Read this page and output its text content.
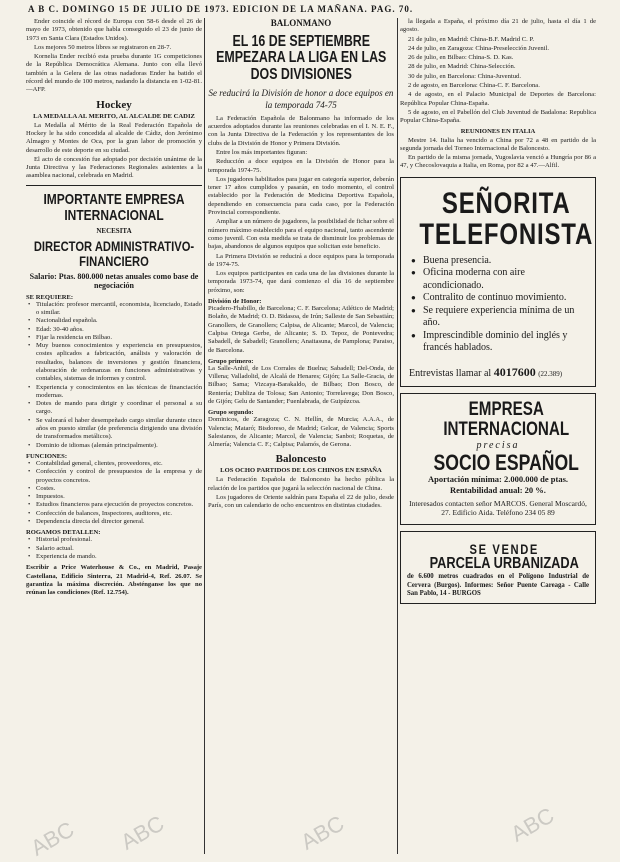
A B C. DOMINGO 15 DE JULIO DE 1973. EDICION DE LA MAÑANA. PAG. 70.

Ender coincide el récord de Europa con 58-6 desde el 26 de mayo de 1973, obtenido que habla conseguido el 23 de junio de 1973 en Santa Clara (Estados Unidos).

Los mejores 50 metros libres se registraron en 28-7.

Kornelia Ender recibió esta prueba durante 1G competiciones de la República Democrática Alemana. Junto con ella llevó también a la Gelera de las otras nadadoras Ender ha batido el récord del mundo de 100 metros, nadando la distancia en 1-02-81.—AFP.

Hockey
LA MEDALLA AL MERITO, AL ALCALDE DE CADIZ

La Medalla al Mérito de la Real Federación Española de Hockey le ha sido concedida al alcalde de Cádiz, don Jerónimo Almagro y Montes de Oca, por la gran labor de promoción y desarrollo de este deporte en su ciudad.

El acto de concesión fue adoptado por decisión unánime de la Junta Directiva y las Federaciones Regionales asistentes a la asamblea nacional, celebrada en Madrid.

IMPORTANTE EMPRESA INTERNACIONAL
NECESITA
DIRECTOR ADMINISTRATIVO-FINANCIERO
Salario: Ptas. 800.000 netas anuales como base de negociación
SE REQUIERE:
• Titulación: profesor mercantil, economista, licenciado, Estado o similar.
• Nacionalidad española.
• Edad: 30-40 años.
• Fijar la residencia en Bilbao.
• Muy buenos conocimientos y experiencia en presupuestos, costes aplicados a fabricación, análisis y valoración de resultados, balances de inversiones y gestión financiera, elaboración de ordenanzas en funciones administrativas y contables, sistemas de informes y control.
• Experiencia y conocimientos en las técnicas de financiación modernas.
• Dotes de mando para dirigir y coordinar el personal a su cargo.
• Se valorará el haber desempeñado cargo similar durante cinco años en puesto similar (de preferencia dirigiendo una división de transformados metálicos).
• Dominio de idiomas (alemán principalmente).
FUNCIONES:
• Contabilidad general, clientes, proveedores, etc.
• Confección y control de presupuestos de la empresa y de proyectos concretos.
• Costes.
• Impuestos.
• Estudios financieros para ejecución de proyectos concretos.
• Confección de balances, Inspectores, auditores, etc.
• Dependencia directa del director general.
ROGAMOS DETALLEN:
• Historial profesional.
• Salario actual.
• Experiencia de mando.

Escribir a Price Waterhouse & Co., en Madrid, Pasaje Castellana, Edificio Sinterra, 21 Madrid-4, Ref. 26.07. Se garantiza la máxima discreción. Absténganse los que no reúnan las condiciones (Ref. 12.754).

BALONMANO
EL 16 DE SEPTIEMBRE EMPEZARA LA LIGA EN LAS DOS DIVISIONES
Se reducirá la División de honor a doce equipos en la temporada 74-75

La Federación Española de Balonmano ha informado de los acuerdos adoptados durante las reuniones celebradas en el I. N. E. F., con la Junta Directiva de la Federación y los representantes de los clubs de la División de Honor y Primera División.

Entre los más importantes figuran:

Reducción a doce equipos en la División de Honor para la temporada 1974-75.

Los jugadores habilitados para jugar en categoría superior, deberán tener 17 años cumplidos y pasarán, en todo momento, el control establecido por la Federación de Medicina Deportiva Española, dependiendo en consecuencia para cada caso, por la Federación Provincial correspondiente.

Ampliar a un número de jugadores, la posibilidad de fichar sobre el número máximo establecido para el equipo nacional, tanto ascendente como juvenil. Con esta medida se trata de disminuir los problemas de bajas, abandonos de algunos equipos que solicitan este beneficio.

La Primera División se reducirá a doce equipos para la temporada de 1974-75.

Los equipos participantes en cada una de las divisiones durante la temporada 1973-74, que dará comienzo el día 16 de septiembre próximo, son:

División de Honor:

Picadero-Fhabillo, de Barcelona; C. F. Barcelona; Atlético de Madrid; Bolaño, de Madrid; O. D. Bidasoa, de Irún; Salleste de San Sebastián; Granollers, de Granollers; Calpisa, de Alicante; Marcol, de Valencia; Calpisa Ortega Gerbe, de Alicante; S. D. Tepoz, de Pontevedra; Sabadell, de Sabadell; Granollers; Anaitasuna, de Pamplona; Paraiso, de Barcelona.

Grupo primero:

La Salle-Anhil, de Los Corrales de Buelna; Sabadell; Del-Onda, de Villena; Valladolid, de Alcalá de Henares; Gijón; La Salle-Gracia, de Bilbao; Sama; Vizcaya-Barakaldo, de Bilbao; Don Bosco, de Rentería; Dubliza de Tolosa; San Antonio; Torrelavega; Don Bosco, de Gijón; Gelu de Santander; Fuenlabrada, de Guipúzcoa.

Grupo segundo:

Dominicos, de Zaragoza; C. N. Hellín, de Murcia; A.A.A., de Valencia; Mataró; Bisdoreso, de Madrid; Gelcar, de Valencia; Sports Salesianos, de Alicante; Marcol, de Valencia; Sanboi; Roquetas, de Almería; Valencia C. F.; Calpisa; Palamós, de Gerona.

Baloncesto
LOS OCHO PARTIDOS DE LOS CHINOS EN ESPAÑA

La Federación Española de Baloncesto ha hecho pública la relación de los partidos que jugará la selección nacional de China.

Los jugadores de Oriente saldrán para España el 22 de julio, desde París, con un calendario de ocho encuentros en distintas ciudades.

la llegada a España, el próximo día 21 de julio, hasta el día 1 de agosto.

21 de julio, en Madrid: China-B.F. Madrid C. P.

24 de julio, en Zaragoza: China-Preselección Juvenil.

26 de julio, en Bilbao: China-S. D. Kas.

28 de julio, en Madrid: China-Selección.

30 de julio, en Barcelona: China-Juventud.

2 de agosto, en Barcelona: China-C. F. Barcelona.

4 de agosto, en el Palacio Municipal de Deportes de Barcelona: República Popular China-España.

5 de agosto, en el Pabellón del Club Juventud de Badalona: Republica Popular China-España.

REUNIONES EN ITALIA

Mestre 14. Italia ha vencido a China por 72 a 48 en partido de la segunda jornada del Torneo Internacional de Baloncesto.

En partido de la misma jornada, Yugoslavia venció a Hungría por 86 a 47, y Checoslovaquia a Italia, en Roma, por 82 a 47.—Alfil.

SEÑORITA
TELEFONISTA
● Buena presencia.
● Oficina moderna con aire acondicionado.
● Contralito de continuo movimiento.
● Se requiere experiencia mínima de un año.
● Imprescindible dominio del inglés y francés hablados.
Entrevistas llamar al 4017600 (22.389)
EMPRESA
INTERNACIONAL
precisa
SOCIO ESPAÑOL
Aportación mínima: 2.000.000 de ptas. Rentabilidad anual: 20 %.
Interesados contacten señor MARCOS. General Moscardó, 27. Edificio Aida. Teléfono 234 05 89
SE VENDE
PARCELA URBANIZADA

de 6.600 metros cuadrados en el Polígono Industrial de Cervera (Burgos). Informes: Señor Puente Careaga - Calle San Pablo, 14 - BURGOS

ABC	ABC	ABC
ABC
